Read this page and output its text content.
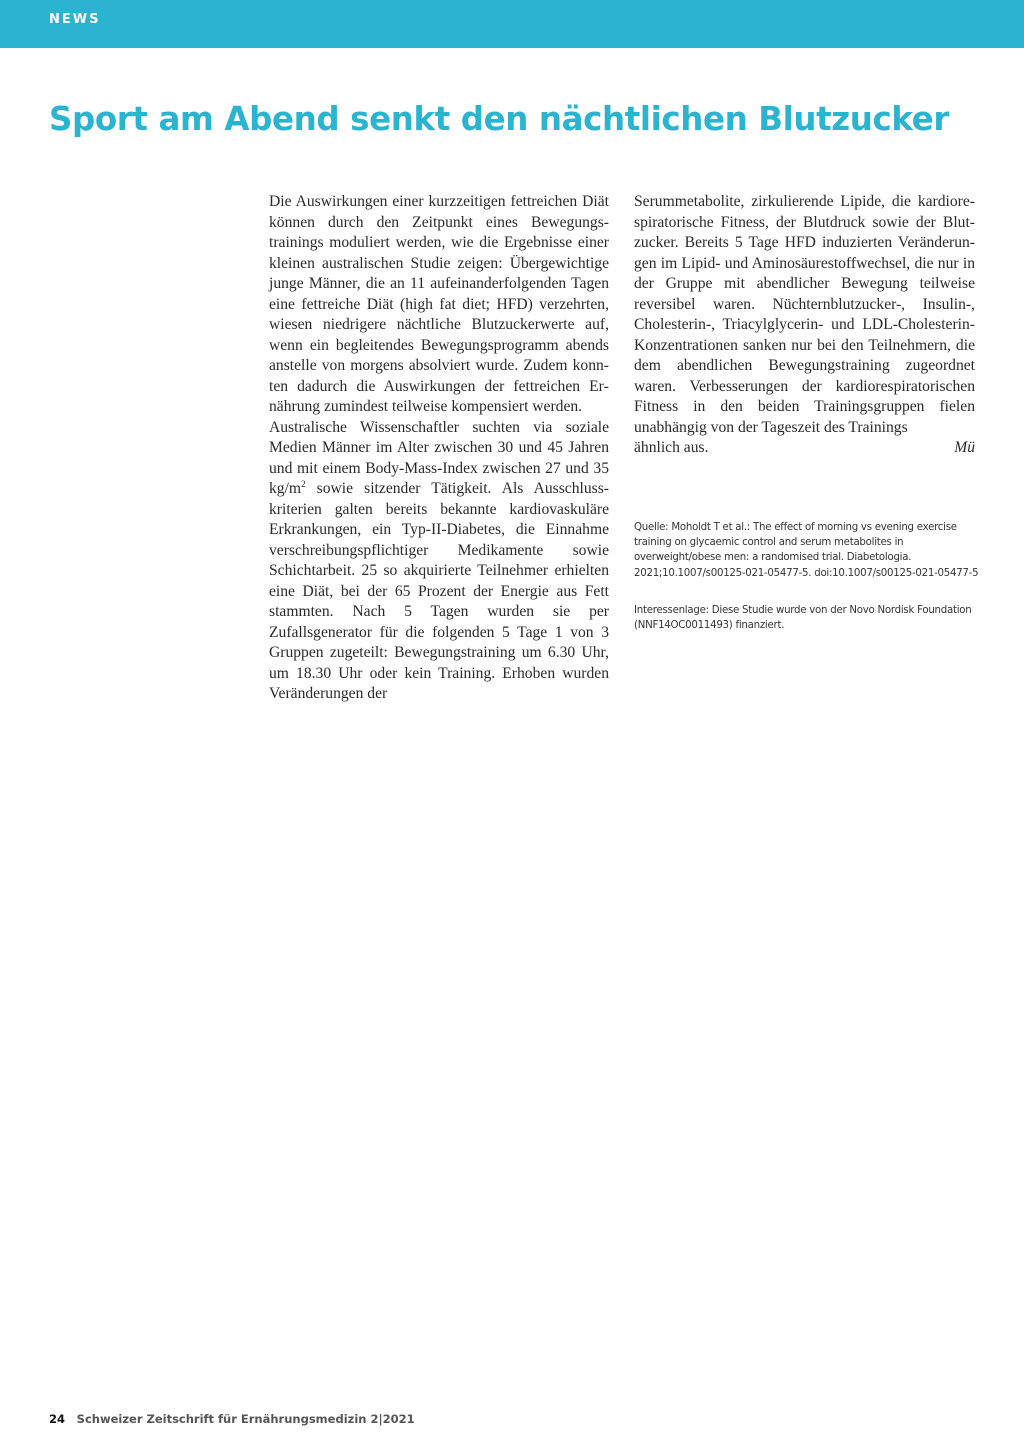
NEWS
Sport am Abend senkt den nächtlichen Blutzucker

Die Auswirkungen einer kurzzeitigen fettreichen Diät können durch den Zeitpunkt eines Bewegungstrainings moduliert werden, wie die Ergebnisse einer kleinen australischen Studie zeigen: Übergewichtige junge Männer, die an 11 aufeinanderfolgenden Tagen eine fettreiche Diät (high fat diet; HFD) verzehrten, wiesen niedrigere nächtliche Blutzuckerwerte auf, wenn ein begleitendes Bewegungsprogramm abends anstelle von morgens absolviert wurde. Zudem konnten dadurch die Auswirkungen der fettreichen Ernährung zumindest teilweise kompensiert werden.

Australische Wissenschaftler suchten via soziale Medien Männer im Alter zwischen 30 und 45 Jahren und mit einem Body-Mass-Index zwischen 27 und 35 $kg/m^2$ sowie sitzender Tätigkeit. Als Ausschlusskriterien galten bereits bekannte kardiovaskuläre Erkrankungen, ein Typ-II-Diabetes, die Einnahme verschreibungspflichtiger Medikamente sowie Schichtarbeit. 25 so akquirierte Teilnehmer erhielten eine Diät, bei der 65 Prozent der Energie aus Fett stammten. Nach 5 Tagen wurden sie per Zufallsgenerator für die folgenden 5 Tage 1 von 3 Gruppen zugeteilt: Bewegungstraining um 6.30 Uhr, um 18.30 Uhr oder kein Training. Erhoben wurden Veränderungen der

Serummetabolite, zirkulierende Lipide, die kardiorespiratorische Fitness, der Blutdruck sowie der Blutzucker. Bereits 5 Tage HFD induzierten Veränderungen im Lipid- und Aminosäurestoffwechsel, die nur in der Gruppe mit abendlicher Bewegung teilweise reversibel waren. Nüchternblutzucker-, Insulin-, Cholesterin-, Triacylglycerin- und LDL-Cholesterin-Konzentrationen sanken nur bei den Teilnehmern, die dem abendlichen Bewegungstraining zugeordnet waren. Verbesserungen der kardiorespiratorischen Fitness in den beiden Trainingsgruppen fielen unabhängig von der Tageszeit des Trainings

ähnlich aus.	Mü
Quelle: Moholdt T et al.: The effect of morning vs evening exercise training on glycaemic control and serum metabolites in overweight/obese men: a randomised trial. Diabetologia. 2021;10.1007/s00125-021-05477-5. doi:10.1007/s00125-021-05477-5
Interessenlage: Diese Studie wurde von der Novo Nordisk Foundation (NNF14OC0011493) finanziert.
24 Schweizer Zeitschrift für Ernährungsmedizin 2|2021
